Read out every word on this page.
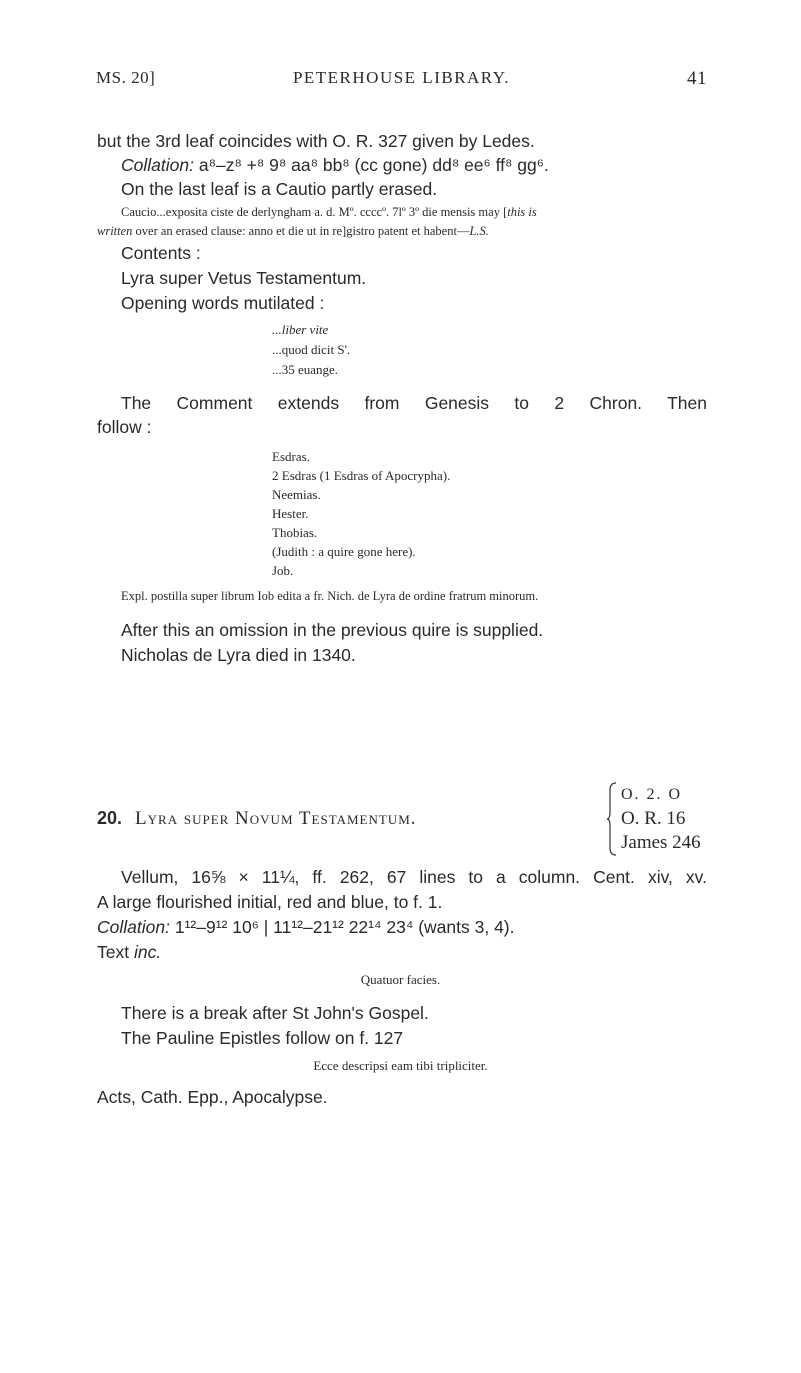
MS. 20]	PETERHOUSE LIBRARY.	41
but the 3rd leaf coincides with O. R. 327 given by Ledes.
Collation: a⁸–z⁸ +⁸ 9⁸ aa⁸ bb⁸ (cc gone) dd⁸ ee⁶ ff⁸ gg⁶.
On the last leaf is a Cautio partly erased.
Caucio...exposita ciste de derlyngham a. d. Mº. ccccº. 7lº 3º die mensis may [this is
written over an erased clause: anno et die ut in re]gistro patent et habent—L.S.
Contents :
Lyra super Vetus Testamentum.
Opening words mutilated :
...liber vite
...quod dicit S'.
...35 euange.
The Comment extends from Genesis to 2 Chron. Then
follow :
Esdras.
2 Esdras (1 Esdras of Apocrypha).
Neemias.
Hester.
Thobias.
(Judith : a quire gone here).
Job.
Expl. postilla super librum Iob edita a fr. Nich. de Lyra de ordine fratrum minorum.
After this an omission in the previous quire is supplied.
Nicholas de Lyra died in 1340.
20. Lyra super Novum Testamentum.
O. 2. O
O. R. 16
James 246
Vellum, 16⅝ × 11¼, ff. 262, 67 lines to a column. Cent. xiv, xv.
A large flourished initial, red and blue, to f. 1.
Collation: 1¹²–9¹² 10⁶ | 11¹²–21¹² 22¹⁴ 23⁴ (wants 3, 4).
Text inc.
Quatuor facies.
There is a break after St John's Gospel.
The Pauline Epistles follow on f. 127
Ecce descripsi eam tibi tripliciter.
Acts, Cath. Epp., Apocalypse.
